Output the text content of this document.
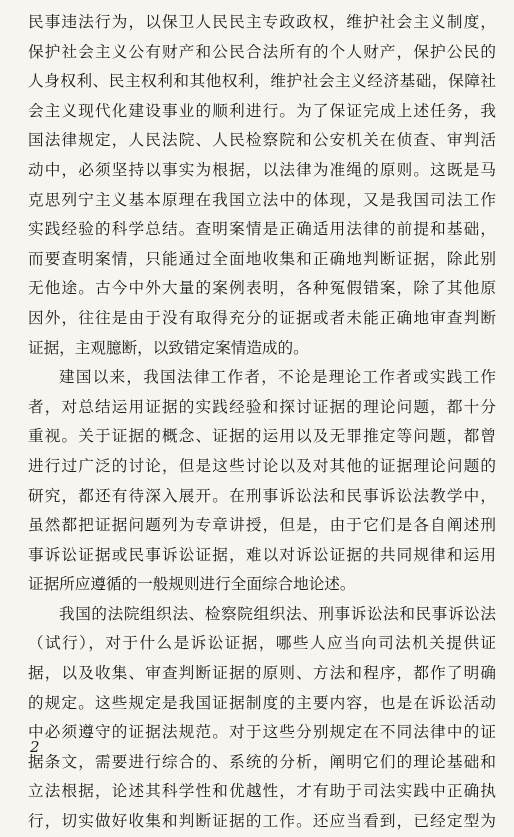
民事违法行为，以保卫人民民主专政政权，维护社会主义制度，
保护社会主义公有财产和公民合法所有的个人财产，保护公民的
人身权利、民主权利和其他权利，维护社会主义经济基础，保障社
会主义现代化建设事业的顺利进行。为了保证完成上述任务，我
国法律规定，人民法院、人民检察院和公安机关在侦查、审判活
动中，必须坚持以事实为根据，以法律为准绳的原则。这既是马
克思列宁主义基本原理在我国立法中的体现，又是我国司法工作
实践经验的科学总结。查明案情是正确适用法律的前提和基础，
而要查明案情，只能通过全面地收集和正确地判断证据，除此别
无他途。古今中外大量的案例表明，各种冤假错案，除了其他原
因外，往往是由于没有取得充分的证据或者未能正确地审查判断
证据，主观臆断，以致错定案情造成的。
建国以来，我国法律工作者，不论是理论工作者或实践工作
者，对总结运用证据的实践经验和探讨证据的理论问题，都十分
重视。关于证据的概念、证据的运用以及无罪推定等问题，都曾
进行过广泛的讨论，但是这些讨论以及对其他的证据理论问题的
研究，都还有待深入展开。在刑事诉讼法和民事诉讼法教学中，
虽然都把证据问题列为专章讲授，但是，由于它们是各自阐述刑
事诉讼证据或民事诉讼证据，难以对诉讼证据的共同规律和运用
证据所应遵循的一般规则进行全面综合地论述。
我国的法院组织法、检察院组织法、刑事诉讼法和民事诉讼法
（试行），对于什么是诉讼证据，哪些人应当向司法机关提供证
据，以及收集、审查判断证据的原则、方法和程序，都作了明确
的规定。这些规定是我国证据制度的主要内容，也是在诉讼活动
中必须遵守的证据法规范。对于这些分别规定在不同法律中的证
据条文，需要进行综合的、系统的分析，阐明它们的理论基础和
立法根据，论述其科学性和优越性，才有助于司法实践中正确执
行，切实做好收集和判断证据的工作。还应当看到，已经定型为
2
